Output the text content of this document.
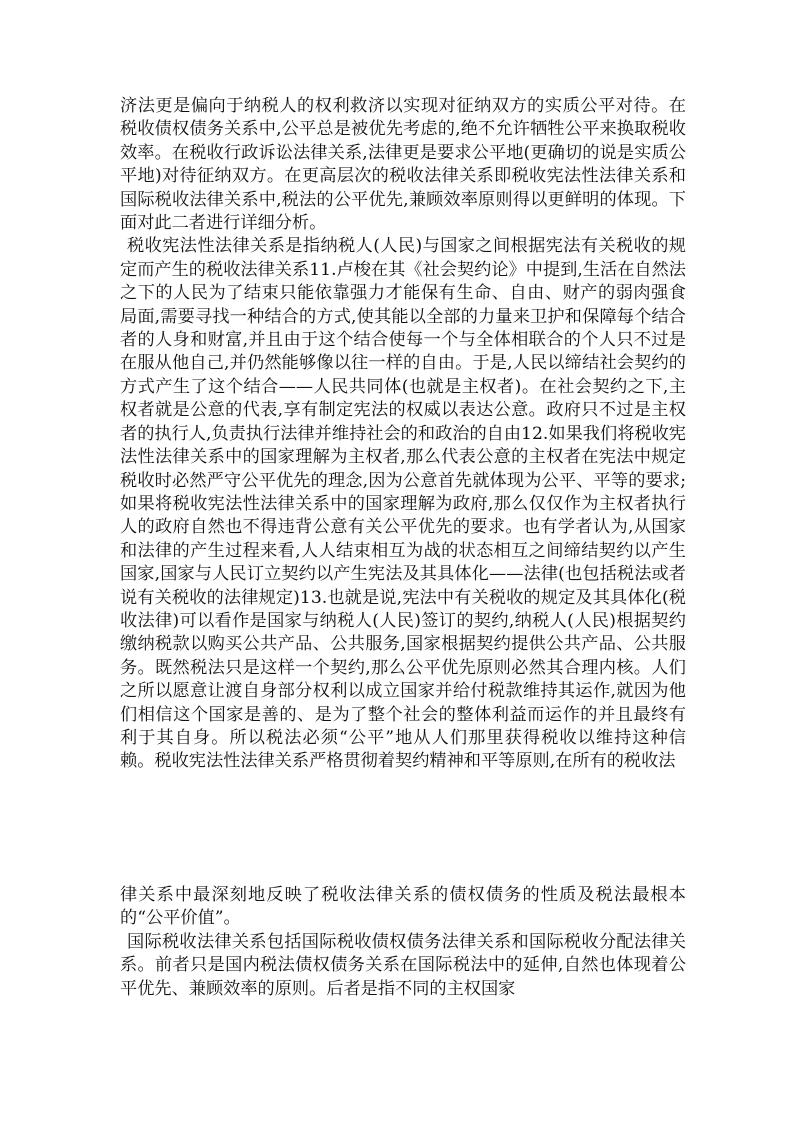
济法更是偏向于纳税人的权利救济以实现对征纳双方的实质公平对待。在税收债权债务关系中,公平总是被优先考虑的,绝不允许牺牲公平来换取税收效率。在税收行政诉讼法律关系,法律更是要求公平地(更确切的说是实质公平地)对待征纳双方。在更高层次的税收法律关系即税收宪法性法律关系和国际税收法律关系中,税法的公平优先,兼顾效率原则得以更鲜明的体现。下面对此二者进行详细分析。

税收宪法性法律关系是指纳税人(人民)与国家之间根据宪法有关税收的规定而产生的税收法律关系11.卢梭在其《社会契约论》中提到,生活在自然法之下的人民为了结束只能依靠强力才能保有生命、自由、财产的弱肉强食局面,需要寻找一种结合的方式,使其能以全部的力量来卫护和保障每个结合者的人身和财富,并且由于这个结合使每一个与全体相联合的个人只不过是在服从他自己,并仍然能够像以往一样的自由。于是,人民以缔结社会契约的方式产生了这个结合——人民共同体(也就是主权者)。在社会契约之下,主权者就是公意的代表,享有制定宪法的权威以表达公意。政府只不过是主权者的执行人,负责执行法律并维持社会的和政治的自由12.如果我们将税收宪法性法律关系中的国家理解为主权者,那么代表公意的主权者在宪法中规定税收时必然严守公平优先的理念,因为公意首先就体现为公平、平等的要求;如果将税收宪法性法律关系中的国家理解为政府,那么仅仅作为主权者执行人的政府自然也不得违背公意有关公平优先的要求。也有学者认为,从国家和法律的产生过程来看,人人结束相互为战的状态相互之间缔结契约以产生国家,国家与人民订立契约以产生宪法及其具体化——法律(也包括税法或者说有关税收的法律规定)13.也就是说,宪法中有关税收的规定及其具体化(税收法律)可以看作是国家与纳税人(人民)签订的契约,纳税人(人民)根据契约缴纳税款以购买公共产品、公共服务,国家根据契约提供公共产品、公共服务。既然税法只是这样一个契约,那么公平优先原则必然其合理内核。人们之所以愿意让渡自身部分权利以成立国家并给付税款维持其运作,就因为他们相信这个国家是善的、是为了整个社会的整体利益而运作的并且最终有利于其自身。所以税法必须“公平”地从人们那里获得税收以维持这种信赖。税收宪法性法律关系严格贯彻着契约精神和平等原则,在所有的税收法

律关系中最深刻地反映了税收法律关系的债权债务的性质及税法最根本的“公平价值”。

国际税收法律关系包括国际税收债权债务法律关系和国际税收分配法律关系。前者只是国内税法债权债务关系在国际税法中的延伸,自然也体现着公平优先、兼顾效率的原则。后者是指不同的主权国家
